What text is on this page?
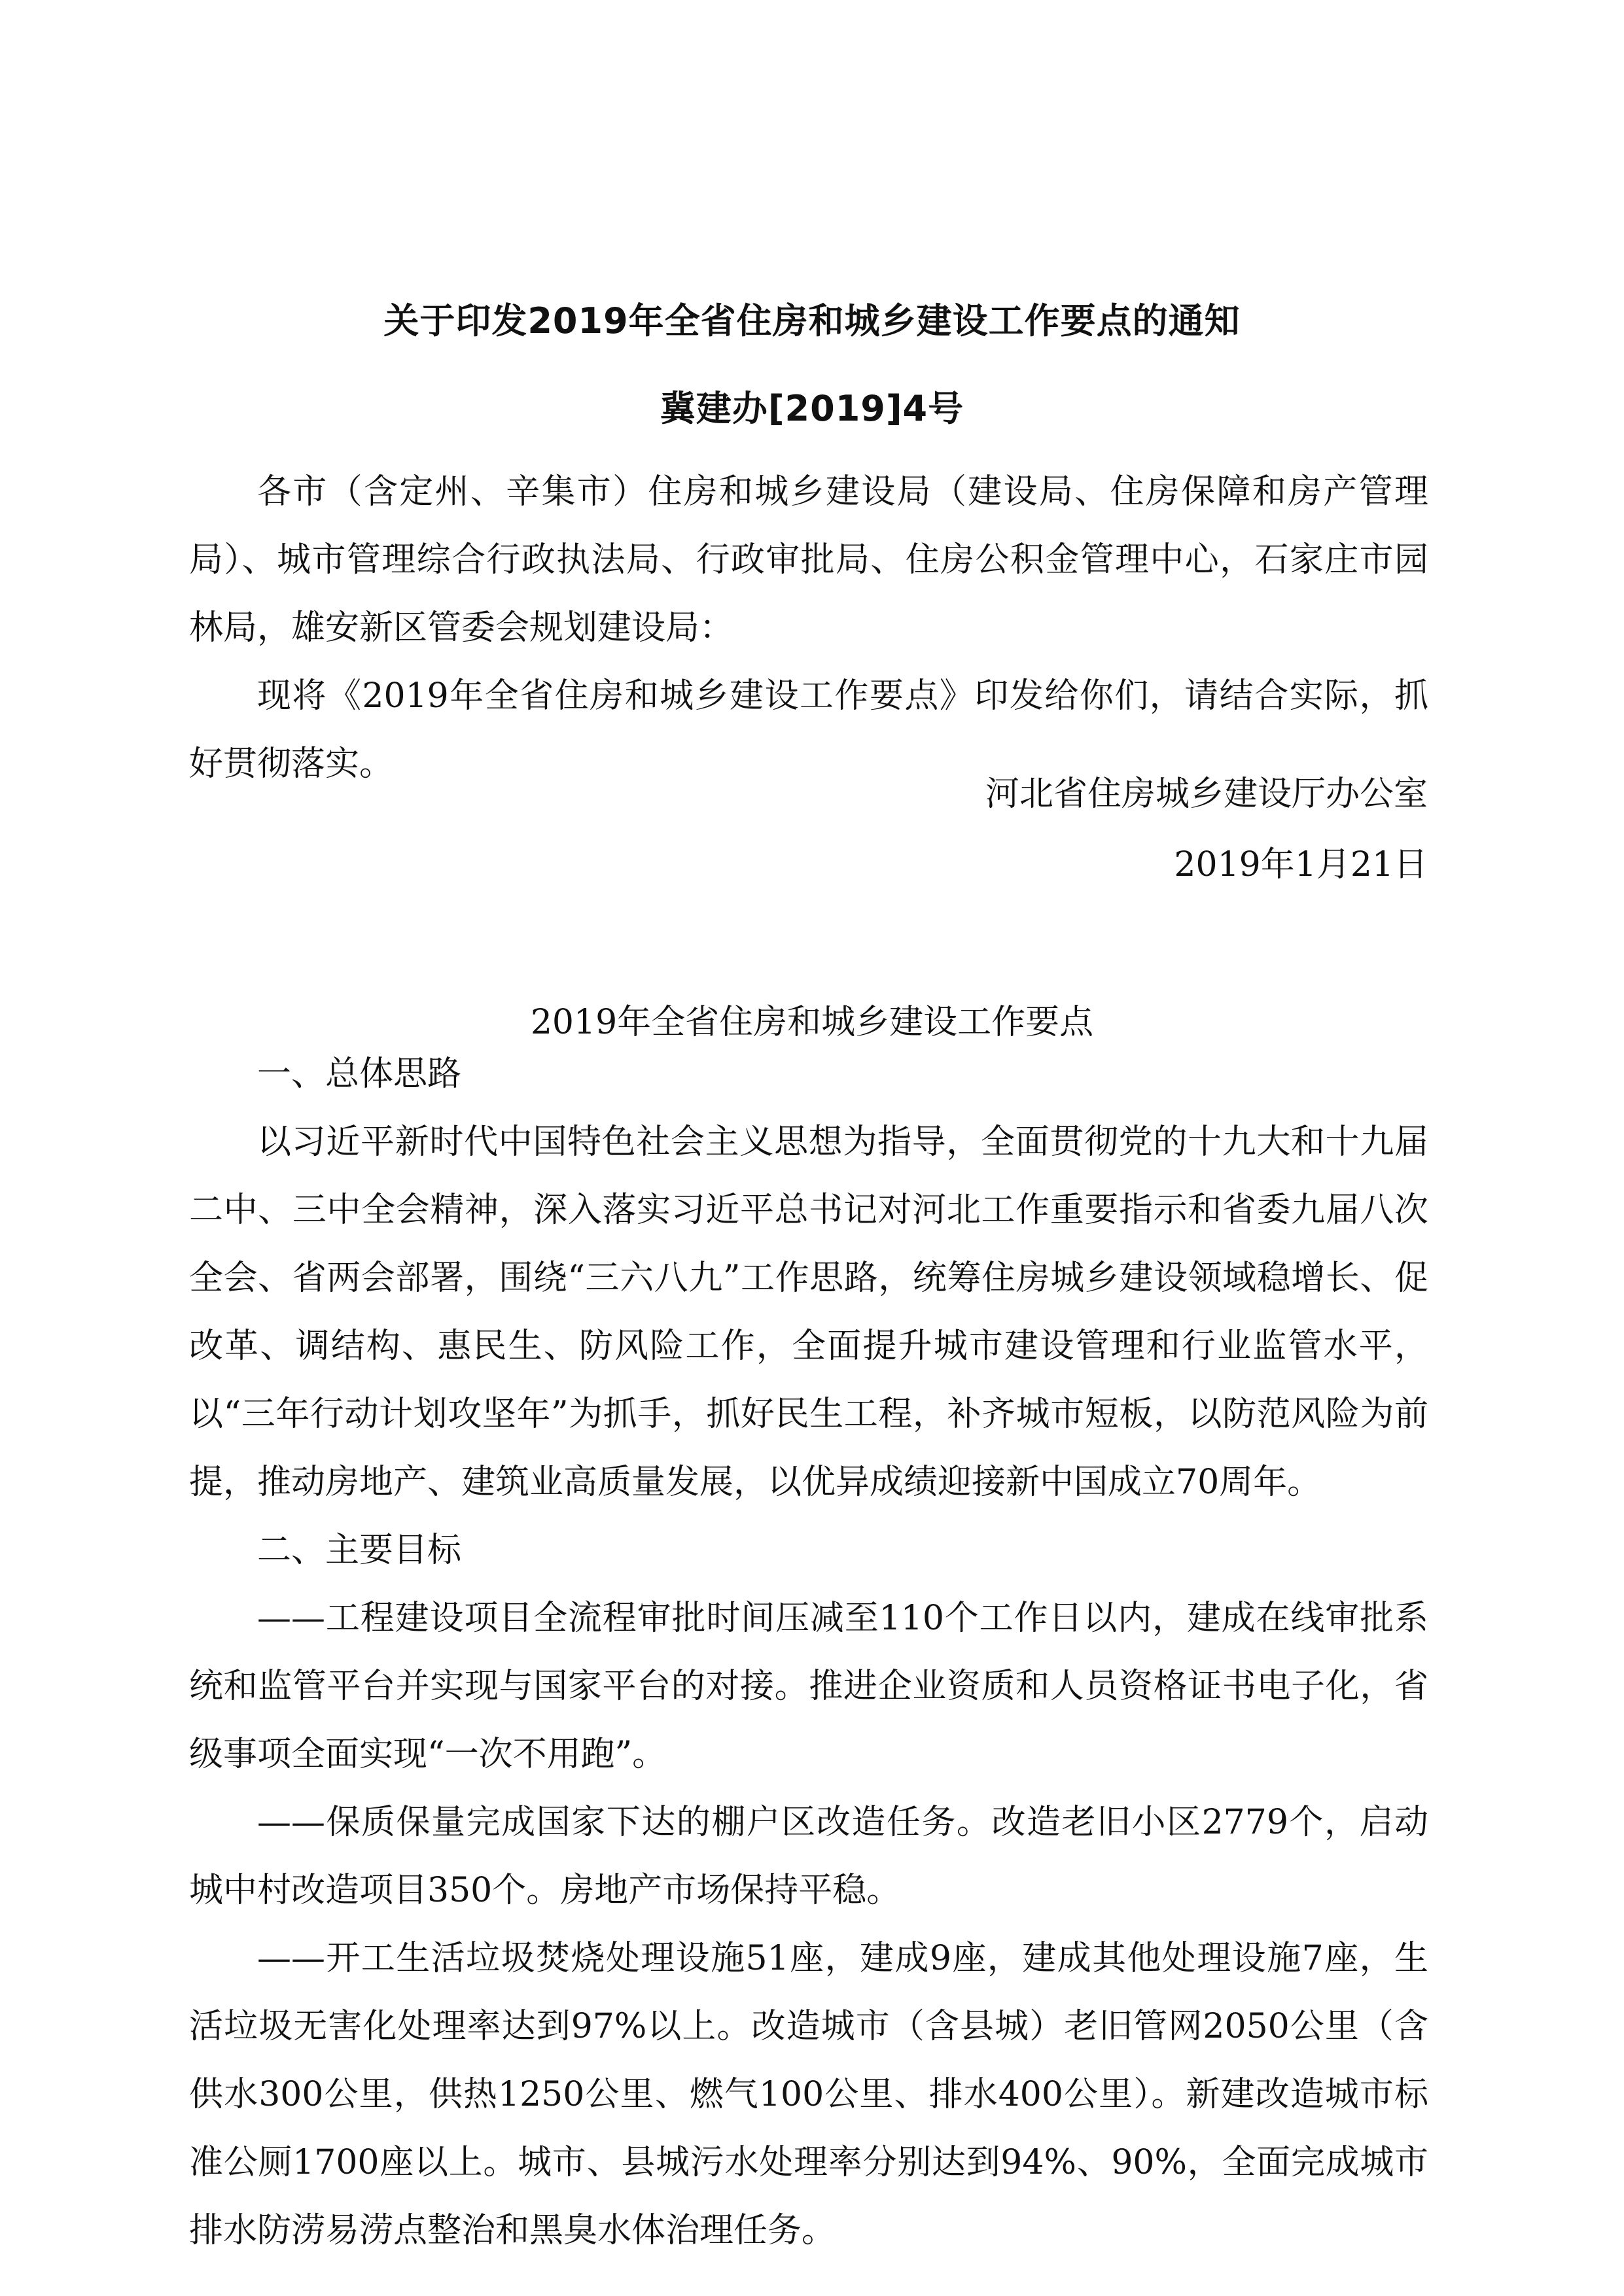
关于印发2019年全省住房和城乡建设工作要点的通知
冀建办[2019]4号

各市（含定州、辛集市）住房和城乡建设局（建设局、住房保障和房产管理局）、城市管理综合行政执法局、行政审批局、住房公积金管理中心，石家庄市园林局，雄安新区管委会规划建设局：

现将《2019年全省住房和城乡建设工作要点》印发给你们，请结合实际，抓好贯彻落实。

河北省住房城乡建设厅办公室
2019年1月21日
2019年全省住房和城乡建设工作要点

一、总体思路

以习近平新时代中国特色社会主义思想为指导，全面贯彻党的十九大和十九届二中、三中全会精神，深入落实习近平总书记对河北工作重要指示和省委九届八次全会、省两会部署，围绕“三六八九”工作思路，统筹住房城乡建设领域稳增长、促改革、调结构、惠民生、防风险工作，全面提升城市建设管理和行业监管水平，以“三年行动计划攻坚年”为抓手，抓好民生工程，补齐城市短板，以防范风险为前提，推动房地产、建筑业高质量发展，以优异成绩迎接新中国成立70周年。

二、主要目标

——工程建设项目全流程审批时间压减至110个工作日以内，建成在线审批系统和监管平台并实现与国家平台的对接。推进企业资质和人员资格证书电子化，省级事项全面实现“一次不用跑”。

——保质保量完成国家下达的棚户区改造任务。改造老旧小区2779个，启动城中村改造项目350个。房地产市场保持平稳。

——开工生活垃圾焚烧处理设施51座，建成9座，建成其他处理设施7座，生活垃圾无害化处理率达到97%以上。改造城市（含县城）老旧管网2050公里（含供水300公里，供热1250公里、燃气100公里、排水400公里）。新建改造城市标准公厕1700座以上。城市、县城污水处理率分别达到94%、90%，全面完成城市排水防涝易涝点整治和黑臭水体治理任务。
